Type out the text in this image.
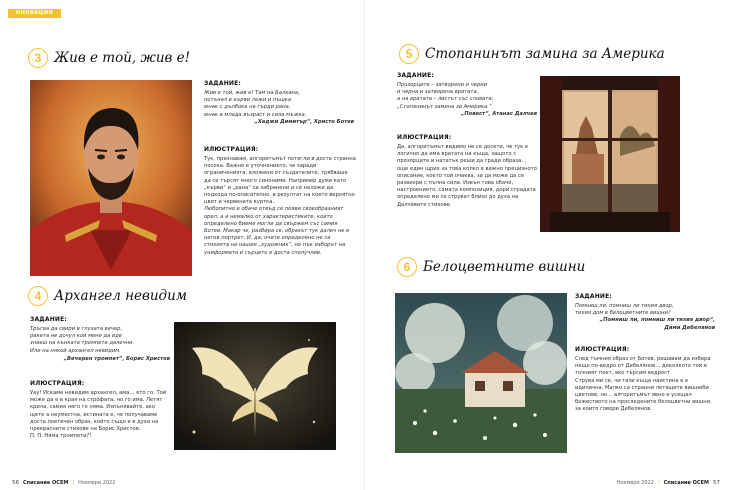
ИНОВАЦИИ
3 Жив е той, жив е!
ЗАДАНИЕ:
Жив е той, жив е! Там на Балкана,
потънал в кърви лежи и пъшка
юнак с дълбока на гърди рана,
юнак в млада възраст и сила мъжка.
„Хаджи Димитър“, Христо Ботев
ИЛЮСТРАЦИЯ:
Тук, признавам, алгоритъмът потегли в доста странна посока. Важно е уточнението, че заради ограниченията, вложени от създателите, трябваше да се търсят много синоними. Например думи като „кърви“ и „рана“ са забранени и се наложи да подхода по-описателно, в резултат на което вероятно цвят и червената куртка.
Любопитно е обаче отвъд се появи своеобразният орел, а и немалко от характеристиките, които определено биеме могли да свържем със самия Ботев. Макар че, разбира се, образът тук далеч не е негов портрет. И, да, очите определено не са стихията на нашия „художник“, но пък изборът на униформата и сърцето е доста сполучлив.
4 Архангел невидим
ЗАДАНИЕ:
Тръгва да свири в глухата вечер,
ракета не дочул кой мене да иде
знаеш на кънката тромпета далечни.
Или на някой архангел невидим.
„Вечерен тромпет“, Борис Христов
ИЛЮСТРАЦИЯ:
Уау! Искаме невидим архангел, ама… ето го. Той може да е в края на строфата, но го има. Летят крила, самия него го няма. Изпънявайте, ако щете а неуместна, истината е, че получаваме доста поетичен образ, който също е в духа на прекрасните стихове на Борис Христов.
П. П. Няма тромпети?!
56 Списание ОСЕМ / Ноември 2022
5 Стопанинът замина за Америка
ЗАДАНИЕ:
Прозорците – затворени и черни
и черна и затворена вратата,
а на вратата – листът със словата:
„Стопанинът замина за Америка.“
„Повест“, Атанас Далчев
ИЛЮСТРАЦИЯ:
Да, алгоритъмът видимо не се досети, че тук е логично да има вратата на къща, защото с прозорците и нататък реши да гради образа… още един щрих за това колко е важно прецизното описание, което той очаква, за да може да се развихри с пълна сила. Извън това обаче, настроението, самата композиция, дори сградата определено ми се струват близо до духа на Далчевите стихове.
6 Белоцветните вишни
ЗАДАНИЕ:
Помниш ли, помниш ли тихия двор,
тихия дом в белоцветните вишни?
„Помниш ли, помниш ли тихия двор“,
Дими Дебелянов
ИЛЮСТРАЦИЯ:
След тъмния образ от Ботев, решавам да избера нещо по-ведро от Дебелянов… доколкото той е точният поет, ако търсим ведрост.
Струва ми се, чи тази къща наистина е е идилична. Малко са странни летящите вишнеби цветове, но… алгоритъмът явно е усещал божеството на проследените белоцветни вишни, за които говори Дебелянов.
Ноември 2022 / Списание ОСЕМ 57
